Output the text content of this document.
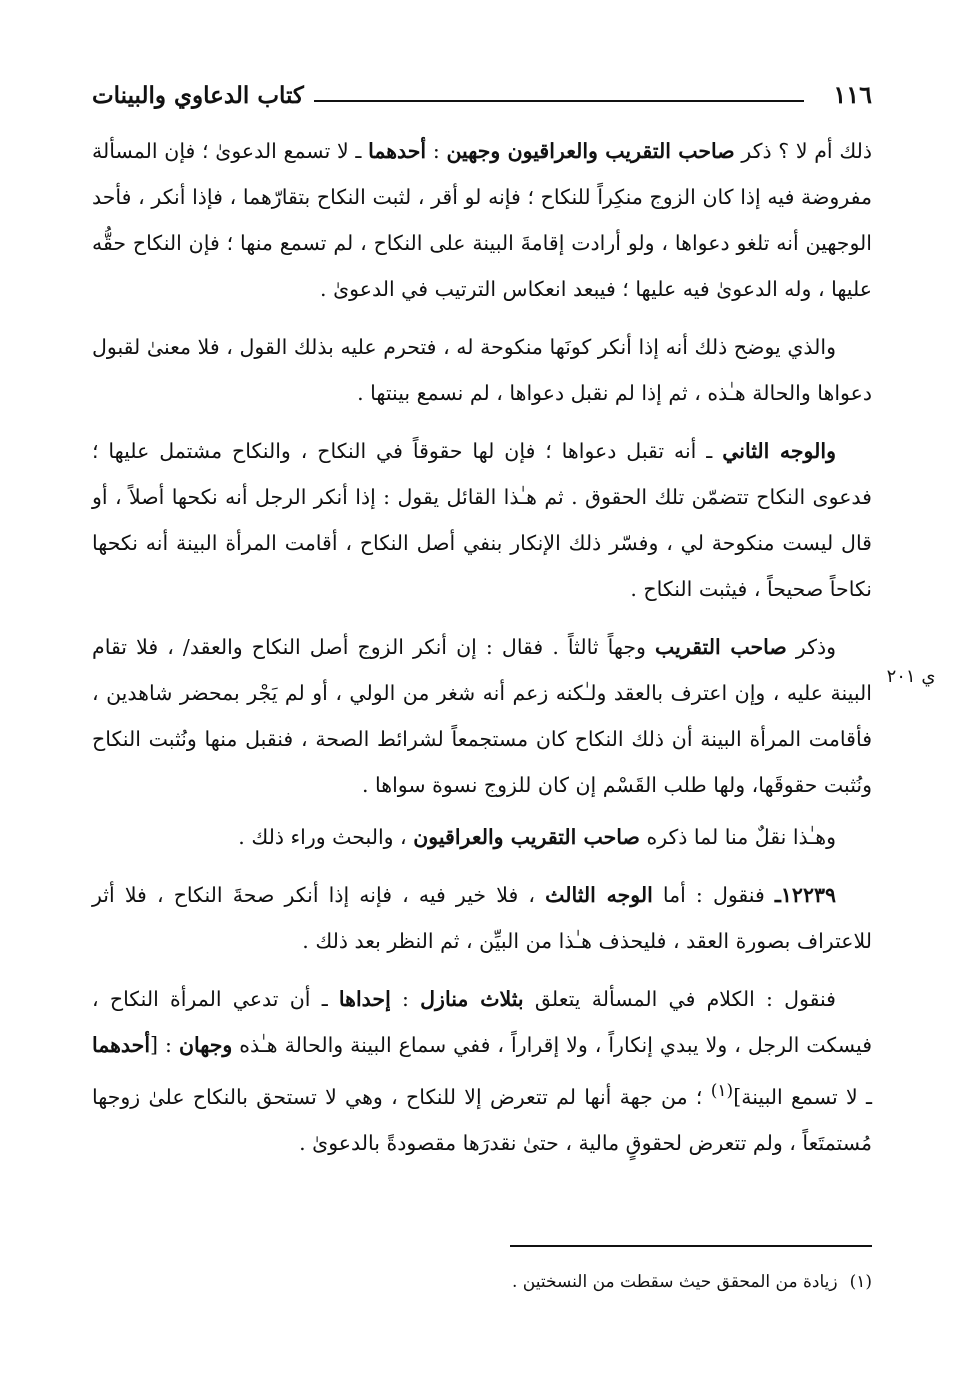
١١٦
كتاب الدعاوي والبينات
ي ٢٠١

ذلك أم لا ؟ ذكر صاحب التقريب والعراقيون وجهين : أحدهما ـ لا تسمع الدعوىٰ ؛ فإن المسألة مفروضة فيه إذا كان الزوج منكِراً للنكاح ؛ فإنه لو أقر ، لثبت النكاح بتقارّهما ، فإذا أنكر ، فأحد الوجهين أنه تلغو دعواها ، ولو أرادت إقامةَ البينة على النكاح ، لم تسمع منها ؛ فإن النكاح حقُّه عليها ، وله الدعوىٰ فيه عليها ؛ فيبعد انعكاس الترتيب في الدعوىٰ .

والذي يوضح ذلك أنه إذا أنكر كونَها منكوحة له ، فتحرم عليه بذلك القول ، فلا معنىٰ لقبول دعواها والحالة هـٰذه ، ثم إذا لم نقبل دعواها ، لم نسمع بينتها .

والوجه الثاني ـ أنه تقبل دعواها ؛ فإن لها حقوقاً في النكاح ، والنكاح مشتمل عليها ؛ فدعوى النكاح تتضمّن تلك الحقوق . ثم هـٰذا القائل يقول : إذا أنكر الرجل أنه نكحها أصلاً ، أو قال ليست منكوحة لي ، وفسّر ذلك الإنكار بنفي أصل النكاح ، أقامت المرأة البينة أنه نكحها نكاحاً صحيحاً ، فيثبت النكاح .

وذكر صاحب التقريب وجهاً ثالثاً . فقال : إن أنكر الزوج أصل النكاح والعقد/ ، فلا تقام البينة عليه ، وإن اعترف بالعقد ولـٰكنه زعم أنه شغر من الولي ، أو لم يَجْر بمحضر شاهدين ، فأقامت المرأة البينة أن ذلك النكاح كان مستجمعاً لشرائط الصحة ، فنقبل منها ونُثبت النكاح ونُثبت حقوقَها، ولها طلب القَسْم إن كان للزوج نسوة سواها .

وهـٰذا نقلٌ منا لما ذكره صاحب التقريب والعراقيون ، والبحث وراء ذلك .

١٢٢٣٩ـ فنقول : أما الوجه الثالث ، فلا خير فيه ، فإنه إذا أنكر صحةَ النكاح ، فلا أثر للاعتراف بصورة العقد ، فليحذف هـٰذا من البيِّن ، ثم النظر بعد ذلك .

فنقول : الكلام في المسألة يتعلق بثلاث منازل : إحداها ـ أن تدعي المرأة النكاح ، فيسكت الرجل ، ولا يبدي إنكاراً ، ولا إقراراً ، ففي سماع البينة والحالة هـٰذه وجهان : [أحدهما ـ لا تسمع البينة]$^{(١)}$ ؛ من جهة أنها لم تتعرض إلا للنكاح ، وهي لا تستحق بالنكاح علىٰ زوجها مُستمتَعاً ، ولم تتعرض لحقوقٍ مالية ، حتىٰ نقدرَها مقصودةً بالدعوىٰ .

(١)زيادة من المحقق حيث سقطت من النسختين .
